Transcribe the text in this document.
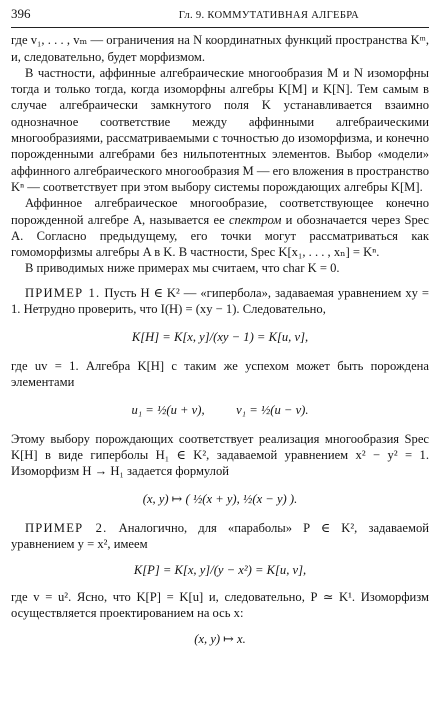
396	Гл. 9. КОММУТАТИВНАЯ АЛГЕБРА

где v₁, . . . , vₘ — ограничения на N координатных функций пространства Kᵐ, и, следовательно, будет морфизмом.

В частности, аффинные алгебраические многообразия M и N изоморфны тогда и только тогда, когда изоморфны алгебры K[M] и K[N]. Тем самым в случае алгебраически замкнутого поля K устанавливается взаимно однозначное соответствие между аффинными алгебраическими многообразиями, рассматриваемыми с точностью до изоморфизма, и конечно порожденными алгебрами без нильпотентных элементов. Выбор «модели» аффинного алгебраического многообразия M — его вложения в пространство Kⁿ — соответствует при этом выбору системы порождающих алгебры K[M].

Аффинное алгебраическое многообразие, соответствующее конечно порожденной алгебре A, называется ее спектром и обозначается через Spec A. Согласно предыдущему, его точки могут рассматриваться как гомоморфизмы алгебры A в K. В частности, Spec K[x₁, . . . , xₙ] = Kⁿ.

В приводимых ниже примерах мы считаем, что char K = 0.

ПРИМЕР 1. Пусть H ∈ K² — «гипербола», задаваемая уравнением xy = 1. Нетрудно проверить, что I(H) = (xy − 1). Следовательно,

K[H] = K[x, y]/(xy − 1) = K[u, v],

где uv = 1. Алгебра K[H] с таким же успехом может быть порождена элементами

u₁ = ½(u + v),          v₁ = ½(u − v).

Этому выбору порождающих соответствует реализация многообразия Spec K[H] в виде гиперболы H₁ ∈ K², задаваемой уравнением x² − y² = 1. Изоморфизм H → H₁ задается формулой

(x, y) ↦ ( ½(x + y), ½(x − y) ).

ПРИМЕР 2. Аналогично, для «параболы» P ∈ K², задаваемой уравнением y = x², имеем

K[P] = K[x, y]/(y − x²) = K[u, v],

где v = u². Ясно, что K[P] = K[u] и, следовательно, P ≃ K¹. Изоморфизм осуществляется проектированием на ось x:

(x, y) ↦ x.
